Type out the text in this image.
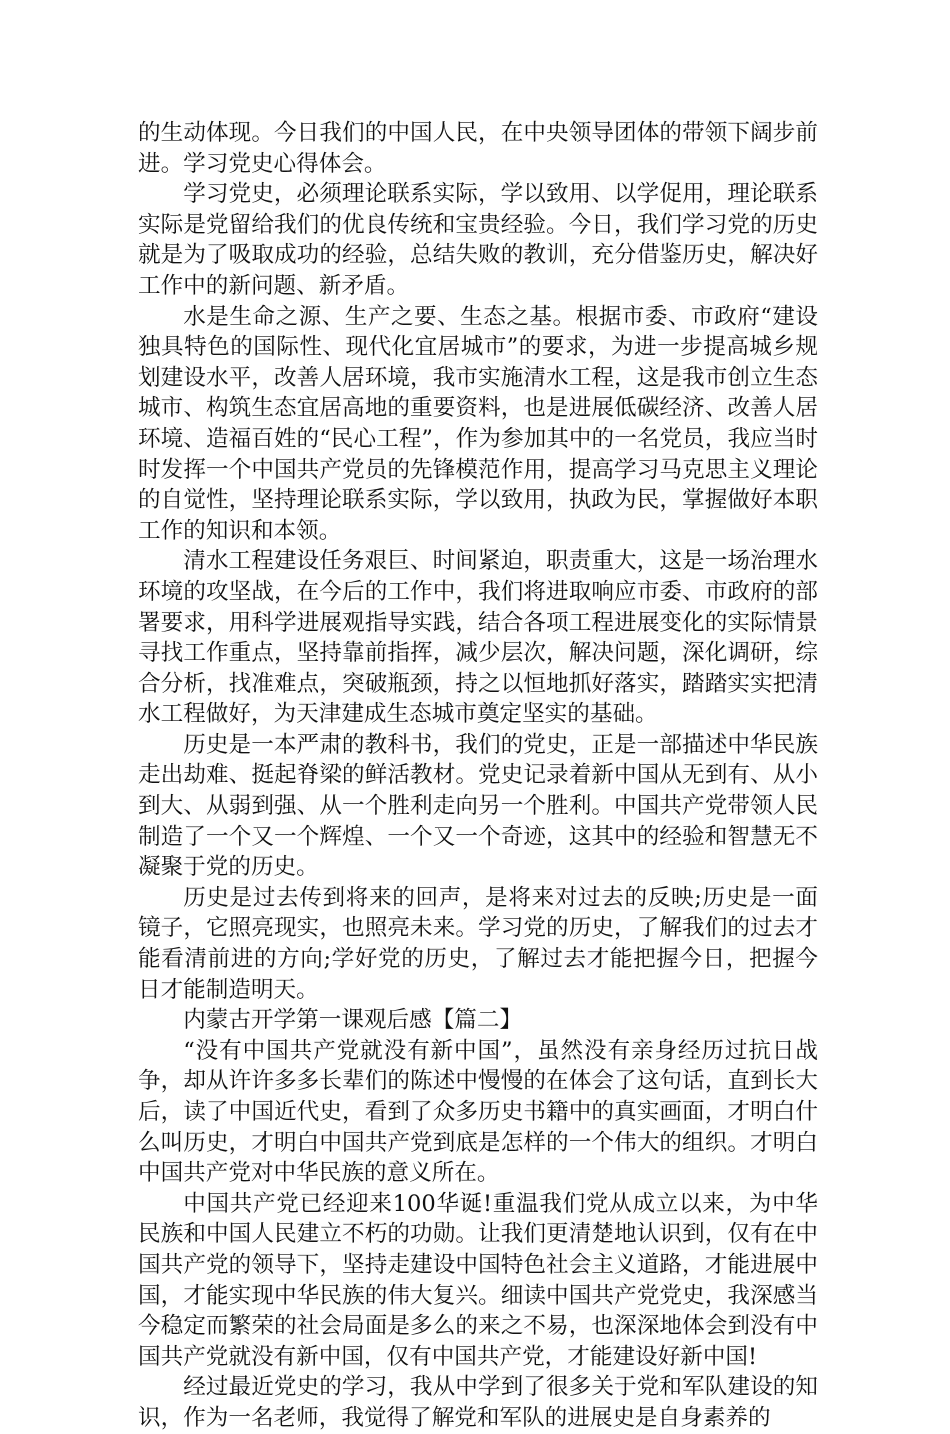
的生动体现。今日我们的中国人民，在中央领导团体的带领下阔步前进。学习党史心得体会。

学习党史，必须理论联系实际，学以致用、以学促用，理论联系实际是党留给我们的优良传统和宝贵经验。今日，我们学习党的历史就是为了吸取成功的经验，总结失败的教训，充分借鉴历史，解决好工作中的新问题、新矛盾。

水是生命之源、生产之要、生态之基。根据市委、市政府“建设独具特色的国际性、现代化宜居城市”的要求，为进一步提高城乡规划建设水平，改善人居环境，我市实施清水工程，这是我市创立生态城市、构筑生态宜居高地的重要资料，也是进展低碳经济、改善人居环境、造福百姓的“民心工程”，作为参加其中的一名党员，我应当时时发挥一个中国共产党员的先锋模范作用，提高学习马克思主义理论的自觉性，坚持理论联系实际，学以致用，执政为民，掌握做好本职工作的知识和本领。

清水工程建设任务艰巨、时间紧迫，职责重大，这是一场治理水环境的攻坚战，在今后的工作中，我们将进取响应市委、市政府的部署要求，用科学进展观指导实践，结合各项工程进展变化的实际情景寻找工作重点，坚持靠前指挥，减少层次，解决问题，深化调研，综合分析，找准难点，突破瓶颈，持之以恒地抓好落实，踏踏实实把清水工程做好，为天津建成生态城市奠定坚实的基础。

历史是一本严肃的教科书，我们的党史，正是一部描述中华民族走出劫难、挺起脊梁的鲜活教材。党史记录着新中国从无到有、从小到大、从弱到强、从一个胜利走向另一个胜利。中国共产党带领人民制造了一个又一个辉煌、一个又一个奇迹，这其中的经验和智慧无不凝聚于党的历史。

历史是过去传到将来的回声，是将来对过去的反映;历史是一面镜子，它照亮现实，也照亮未来。学习党的历史，了解我们的过去才能看清前进的方向;学好党的历史，了解过去才能把握今日，把握今日才能制造明天。

内蒙古开学第一课观后感【篇二】

“没有中国共产党就没有新中国”，虽然没有亲身经历过抗日战争，却从许许多多长辈们的陈述中慢慢的在体会了这句话，直到长大后，读了中国近代史，看到了众多历史书籍中的真实画面，才明白什么叫历史，才明白中国共产党到底是怎样的一个伟大的组织。才明白中国共产党对中华民族的意义所在。

中国共产党已经迎来100华诞!重温我们党从成立以来，为中华民族和中国人民建立不朽的功勋。让我们更清楚地认识到，仅有在中国共产党的领导下，坚持走建设中国特色社会主义道路，才能进展中国，才能实现中华民族的伟大复兴。细读中国共产党党史，我深感当今稳定而繁荣的社会局面是多么的来之不易，也深深地体会到没有中国共产党就没有新中国，仅有中国共产党，才能建设好新中国!

经过最近党史的学习，我从中学到了很多关于党和军队建设的知识，作为一名老师，我觉得了解党和军队的进展史是自身素养的
